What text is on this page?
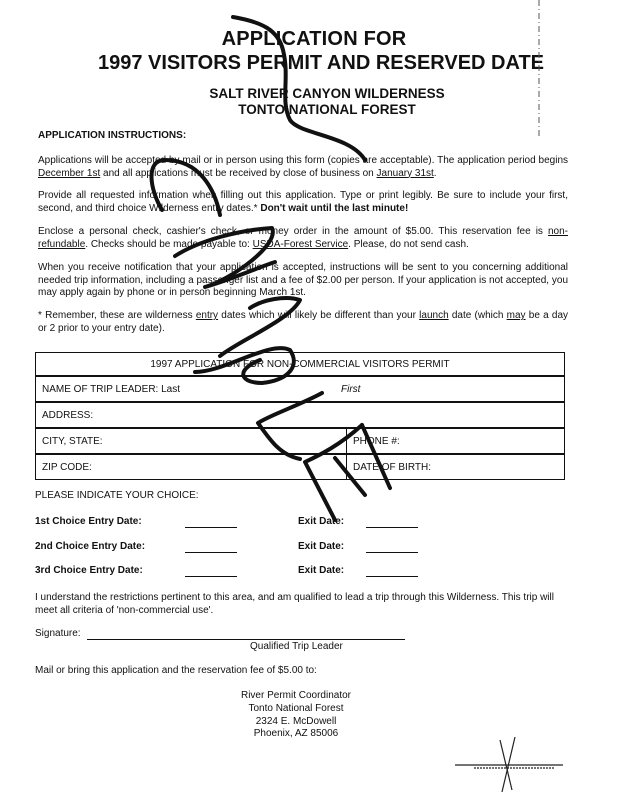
APPLICATION FOR
1997 VISITORS PERMIT AND RESERVED DATE
SALT RIVER CANYON WILDERNESS
TONTO NATIONAL FOREST
APPLICATION INSTRUCTIONS:
Applications will be accepted by mail or in person using this form (copies are acceptable). The application period begins December 1st and all applications must be received by close of business on January 31st.
Provide all requested information when filling out this application. Type or print legibly. Be sure to include your first, second, and third choice Wilderness entry dates.* Don't wait until the last minute!
Enclose a personal check, cashier's check, or money order in the amount of $5.00. This reservation fee is non-refundable. Checks should be made payable to: USDA-Forest Service. Please, do not send cash.
When you receive notification that your application is accepted, instructions will be sent to you concerning additional needed trip information, including a passenger list and a fee of $2.00 per person. If your application is not accepted, you may apply again by phone or in person beginning March 1st.
* Remember, these are wilderness entry dates which will likely be different than your launch date (which may be a day or 2 prior to your entry date).
1997 APPLICATION FOR NON-COMMERCIAL VISITORS PERMIT
NAME OF TRIP LEADER: Last	First
ADDRESS:
CITY, STATE:	PHONE #:
ZIP CODE:	DATE OF BIRTH:
PLEASE INDICATE YOUR CHOICE:
1st Choice Entry Date:	Exit Date:
2nd Choice Entry Date:	Exit Date:
3rd Choice Entry Date:	Exit Date:
I understand the restrictions pertinent to this area, and am qualified to lead a trip through this Wilderness. This trip will meet all criteria of 'non-commercial use'.
Signature:
Qualified Trip Leader
Mail or bring this application and the reservation fee of $5.00 to:
River Permit Coordinator
Tonto National Forest
2324 E. McDowell
Phoenix, AZ 85006
